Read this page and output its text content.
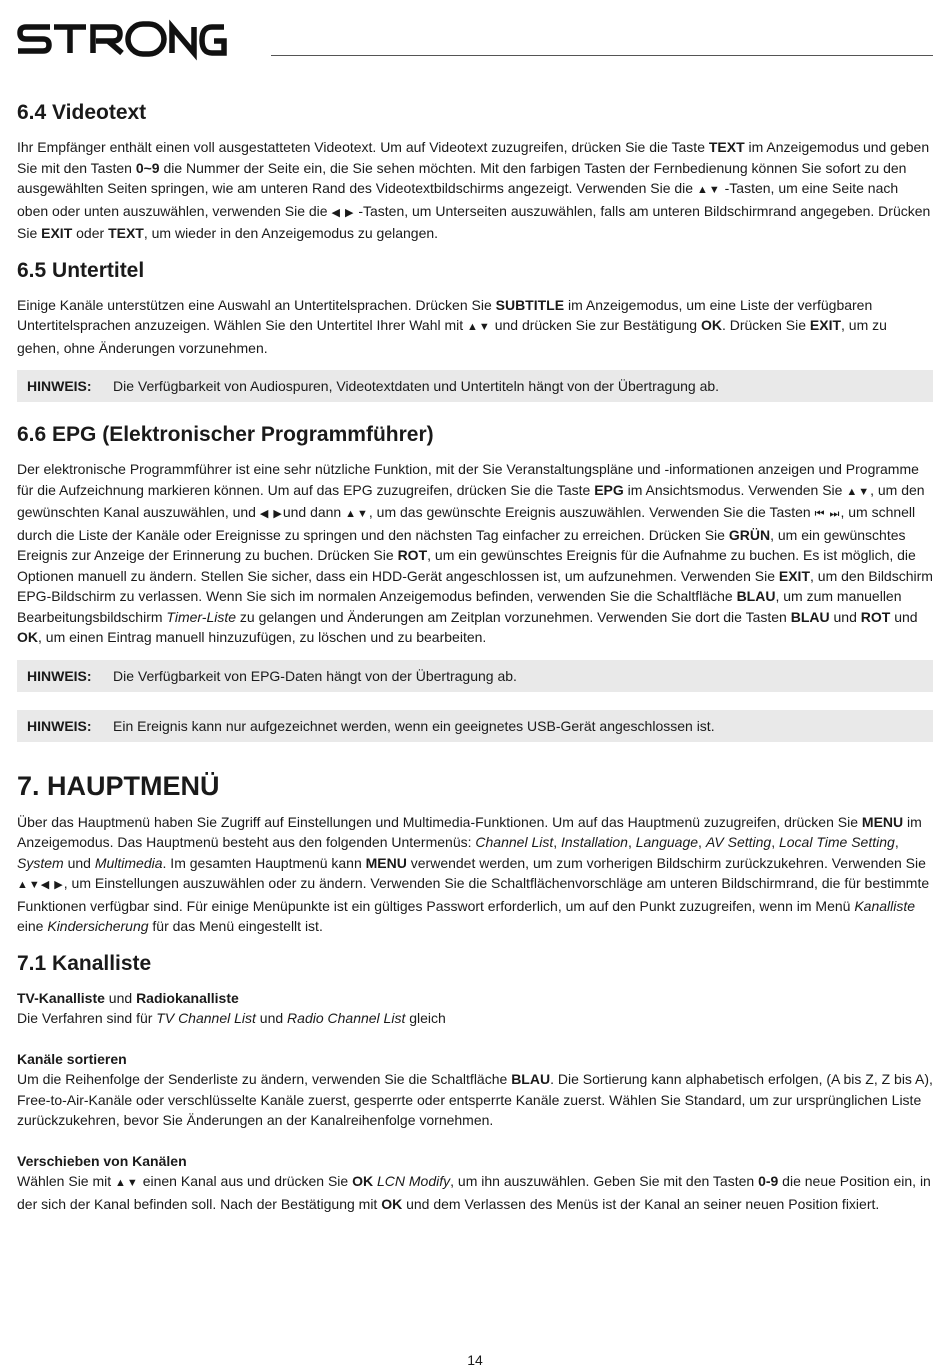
6.4 Videotext

Ihr Empfänger enthält einen voll ausgestatteten Videotext. Um auf Videotext zuzugreifen, drücken Sie die Taste TEXT im Anzeigemodus und geben Sie mit den Tasten 0~9 die Nummer der Seite ein, die Sie sehen möchten. Mit den farbigen Tasten der Fernbedienung können Sie sofort zu den ausgewählten Seiten springen, wie am unteren Rand des Videotextbildschirms angezeigt. Verwenden Sie die ▲▼ -Tasten, um eine Seite nach oben oder unten auszuwählen, verwenden Sie die ◀ ▶ -Tasten, um Unterseiten auszuwählen, falls am unteren Bildschirmrand angegeben. Drücken Sie EXIT oder TEXT, um wieder in den Anzeigemodus zu gelangen.

6.5 Untertitel

Einige Kanäle unterstützen eine Auswahl an Untertitelsprachen. Drücken Sie SUBTITLE im Anzeigemodus, um eine Liste der verfügbaren Untertitelsprachen anzuzeigen. Wählen Sie den Untertitel Ihrer Wahl mit ▲▼ und drücken Sie zur Bestätigung OK. Drücken Sie EXIT, um zu gehen, ohne Änderungen vorzunehmen.

HINWEIS: Die Verfügbarkeit von Audiospuren, Videotextdaten und Untertiteln hängt von der Übertragung ab.
6.6 EPG (Elektronischer Programmführer)

Der elektronische Programmführer ist eine sehr nützliche Funktion, mit der Sie Veranstaltungspläne und -informationen anzeigen und Programme für die Aufzeichnung markieren können. Um auf das EPG zuzugreifen, drücken Sie die Taste EPG im Ansichtsmodus. Verwenden Sie ▲▼, um den gewünschten Kanal auszuwählen, und ◀ ▶und dann ▲▼, um das gewünschte Ereignis auszuwählen. Verwenden Sie die Tasten ⏮ ⏭, um schnell durch die Liste der Kanäle oder Ereignisse zu springen und den nächsten Tag einfacher zu erreichen. Drücken Sie GRÜN, um ein gewünschtes Ereignis zur Anzeige der Erinnerung zu buchen. Drücken Sie ROT, um ein gewünschtes Ereignis für die Aufnahme zu buchen. Es ist möglich, die Optionen manuell zu ändern. Stellen Sie sicher, dass ein HDD-Gerät angeschlossen ist, um aufzunehmen. Verwenden Sie EXIT, um den Bildschirm EPG-Bildschirm zu verlassen. Wenn Sie sich im normalen Anzeigemodus befinden, verwenden Sie die Schaltfläche BLAU, um zum manuellen Bearbeitungsbildschirm Timer-Liste zu gelangen und Änderungen am Zeitplan vorzunehmen. Verwenden Sie dort die Tasten BLAU und ROT und OK, um einen Eintrag manuell hinzuzufügen, zu löschen und zu bearbeiten.

HINWEIS: Die Verfügbarkeit von EPG-Daten hängt von der Übertragung ab.
HINWEIS: Ein Ereignis kann nur aufgezeichnet werden, wenn ein geeignetes USB-Gerät angeschlossen ist.
7. HAUPTMENÜ

Über das Hauptmenü haben Sie Zugriff auf Einstellungen und Multimedia-Funktionen. Um auf das Hauptmenü zuzugreifen, drücken Sie MENU im Anzeigemodus. Das Hauptmenü besteht aus den folgenden Untermenüs: Channel List, Installation, Language, AV Setting, Local Time Setting, System und Multimedia. Im gesamten Hauptmenü kann MENU verwendet werden, um zum vorherigen Bildschirm zurückzukehren. Verwenden Sie ▲▼◀ ▶, um Einstellungen auszuwählen oder zu ändern. Verwenden Sie die Schaltflächenvorschläge am unteren Bildschirmrand, die für bestimmte Funktionen verfügbar sind. Für einige Menüpunkte ist ein gültiges Passwort erforderlich, um auf den Punkt zuzugreifen, wenn im Menü Kanalliste eine Kindersicherung für das Menü eingestellt ist.

7.1 Kanalliste

TV-Kanalliste und Radiokanalliste
Die Verfahren sind für TV Channel List und Radio Channel List gleich

Kanäle sortieren
Um die Reihenfolge der Senderliste zu ändern, verwenden Sie die Schaltfläche BLAU. Die Sortierung kann alphabetisch erfolgen, (A bis Z, Z bis A), Free-to-Air-Kanäle oder verschlüsselte Kanäle zuerst, gesperrte oder entsperrte Kanäle zuerst. Wählen Sie Standard, um zur ursprünglichen Liste zurückzukehren, bevor Sie Änderungen an der Kanalreihenfolge vornehmen.

Verschieben von Kanälen
Wählen Sie mit ▲▼ einen Kanal aus und drücken Sie OK LCN Modify, um ihn auszuwählen. Geben Sie mit den Tasten 0-9 die neue Position ein, in der sich der Kanal befinden soll. Nach der Bestätigung mit OK und dem Verlassen des Menüs ist der Kanal an seiner neuen Position fixiert.

14
